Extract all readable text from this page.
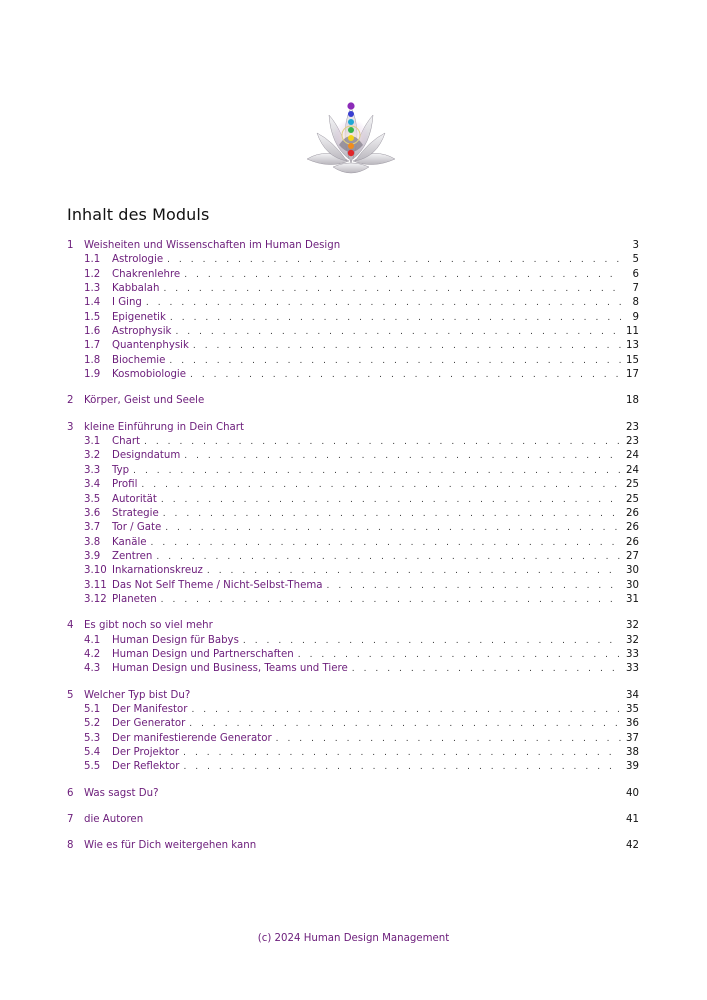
Inhalt des Moduls
1	Weisheiten und Wissenschaften im Human Design	3
1.1	Astrologie . . .	5
1.2	Chakrenlehre . . .	6
1.3	Kabbalah . . .	7
1.4	I Ging . . .	8
1.5	Epigenetik . . .	9
1.6	Astrophysik . . .	11
1.7	Quantenphysik . . .	13
1.8	Biochemie . . .	15
1.9	Kosmobiologie . . .	17
2	Körper, Geist und Seele	18
3	kleine Einführung in Dein Chart	23
3.1	Chart . . .	23
3.2	Designdatum . . .	24
3.3	Typ . . .	24
3.4	Profil . . .	25
3.5	Autorität . . .	25
3.6	Strategie . . .	26
3.7	Tor / Gate . . .	26
3.8	Kanäle . . .	26
3.9	Zentren . . .	27
3.10 Inkarnationskreuz . . .	30
3.11 Das Not Self Theme / Nicht-Selbst-Thema . . .	30
3.12 Planeten . . .	31
4	Es gibt noch so viel mehr	32
4.1	Human Design für Babys . . .	32
4.2	Human Design und Partnerschaften . . .	33
4.3	Human Design und Business, Teams und Tiere . . .	33
5	Welcher Typ bist Du?	34
5.1	Der Manifestor . . .	35
5.2	Der Generator . . .	36
5.3	Der manifestierende Generator . . .	37
5.4	Der Projektor . . .	38
5.5	Der Reflektor . . .	39
6	Was sagst Du?	40
7	die Autoren	41
8	Wie es für Dich weitergehen kann	42
(c) 2024 Human Design Management
